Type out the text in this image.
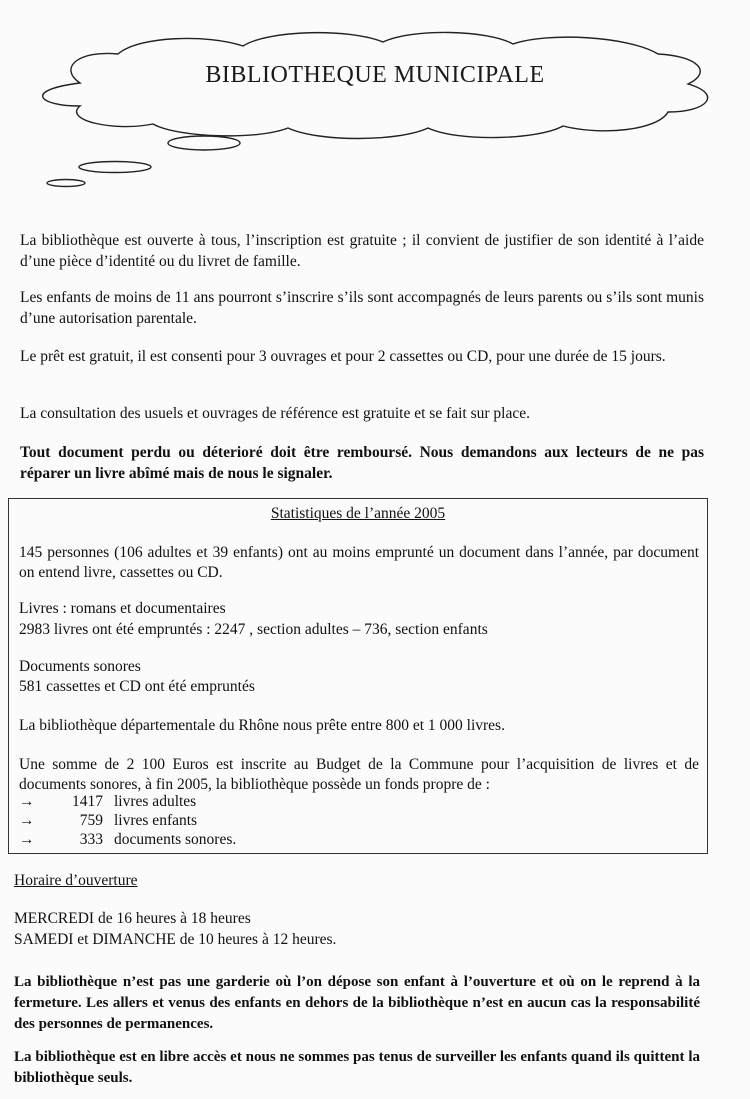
BIBLIOTHEQUE MUNICIPALE

La bibliothèque est ouverte à tous, l’inscription est gratuite ; il convient de justifier de son identité à l’aide d’une pièce d’identité ou du livret de famille.

Les enfants de moins de 11 ans pourront s’inscrire s’ils sont accompagnés de leurs parents ou s’ils sont munis d’une autorisation parentale.

Le prêt est gratuit, il est consenti pour 3 ouvrages et pour 2 cassettes ou CD, pour une durée de 15 jours.

La consultation des usuels et ouvrages de référence est gratuite et se fait sur place.

Tout document perdu ou déterioré doit être remboursé. Nous demandons aux lecteurs de ne pas réparer un livre abîmé mais de nous le signaler.

Statistiques de l’année 2005

145 personnes (106 adultes et 39 enfants) ont au moins emprunté un document dans l’année, par document on entend livre, cassettes ou CD.

Livres : romans et documentaires

2983 livres ont été empruntés : 2247 , section adultes – 736, section enfants

Documents sonores

581 cassettes et CD ont été empruntés

La bibliothèque départementale du Rhône nous prête entre 800 et 1 000 livres.

Une somme de 2 100 Euros est inscrite au Budget de la Commune pour l’acquisition de livres et de documents sonores, à fin 2005, la bibliothèque possède un fonds propre de :

→	1417 livres adultes
→	759 livres enfants
→	333 documents sonores.
Horaire d’ouverture
MERCREDI de 16 heures à 18 heures
SAMEDI et DIMANCHE de 10 heures à 12 heures.

La bibliothèque n’est pas une garderie où l’on dépose son enfant à l’ouverture et où on le reprend à la fermeture. Les allers et venus des enfants en dehors de la bibliothèque n’est en aucun cas la responsabilité des personnes de permanences.

La bibliothèque est en libre accès et nous ne sommes pas tenus de surveiller les enfants quand ils quittent la bibliothèque seuls.
